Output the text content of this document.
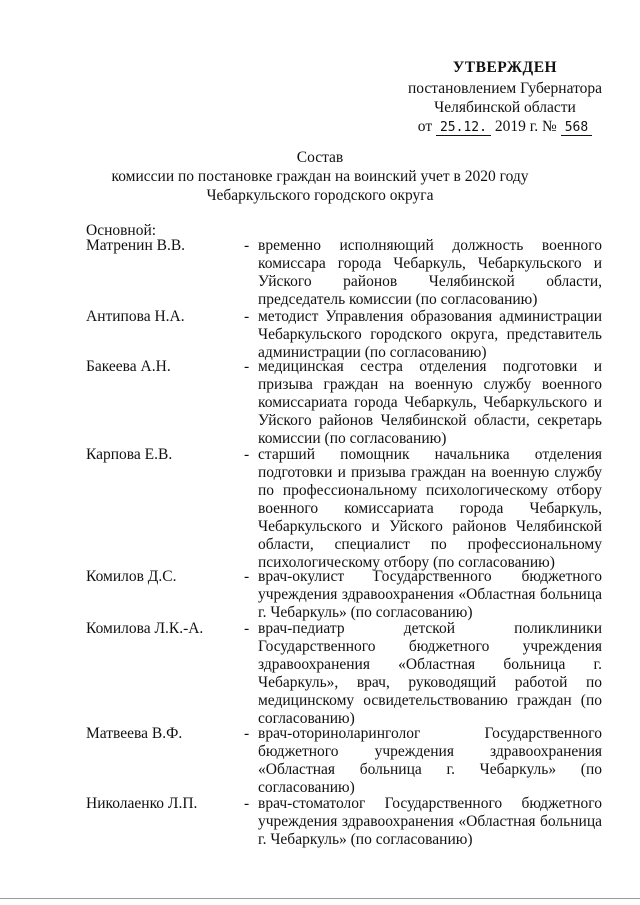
УТВЕРЖДЕН
постановлением Губернатора
Челябинской области
от 25.12. 2019 г. № 568
Состав
комиссии по постановке граждан на воинский учет в 2020 году
Чебаркульского городского округа
Основной:
Матренин В.В.	- временно исполняющий должность военного комиссара города Чебаркуль, Чебаркульского и Уйского районов Челябинской области, председатель комиссии (по согласованию)
Антипова Н.А.	- методист Управления образования администрации Чебаркульского городского округа, представитель администрации (по согласованию)
Бакеева А.Н.	- медицинская сестра отделения подготовки и призыва граждан на военную службу военного комиссариата города Чебаркуль, Чебаркульского и Уйского районов Челябинской области, секретарь комиссии (по согласованию)
Карпова Е.В.	- старший помощник начальника отделения подготовки и призыва граждан на военную службу по профессиональному психологическому отбору военного комиссариата города Чебаркуль, Чебаркульского и Уйского районов Челябинской области, специалист по профессиональному психологическому отбору (по согласованию)
Комилов Д.С.	- врач-окулист Государственного бюджетного учреждения здравоохранения «Областная больница г. Чебаркуль» (по согласованию)
Комилова Л.К.-А.	- врач-педиатр детской поликлиники Государственного бюджетного учреждения здравоохранения «Областная больница г. Чебаркуль», врач, руководящий работой по медицинскому освидетельствованию граждан (по согласованию)
Матвеева В.Ф.	- врач-оториноларинголог Государственного бюджетного учреждения здравоохранения «Областная больница г. Чебаркуль» (по согласованию)
Николаенко Л.П.	- врач-стоматолог Государственного бюджетного учреждения здравоохранения «Областная больница г. Чебаркуль» (по согласованию)
